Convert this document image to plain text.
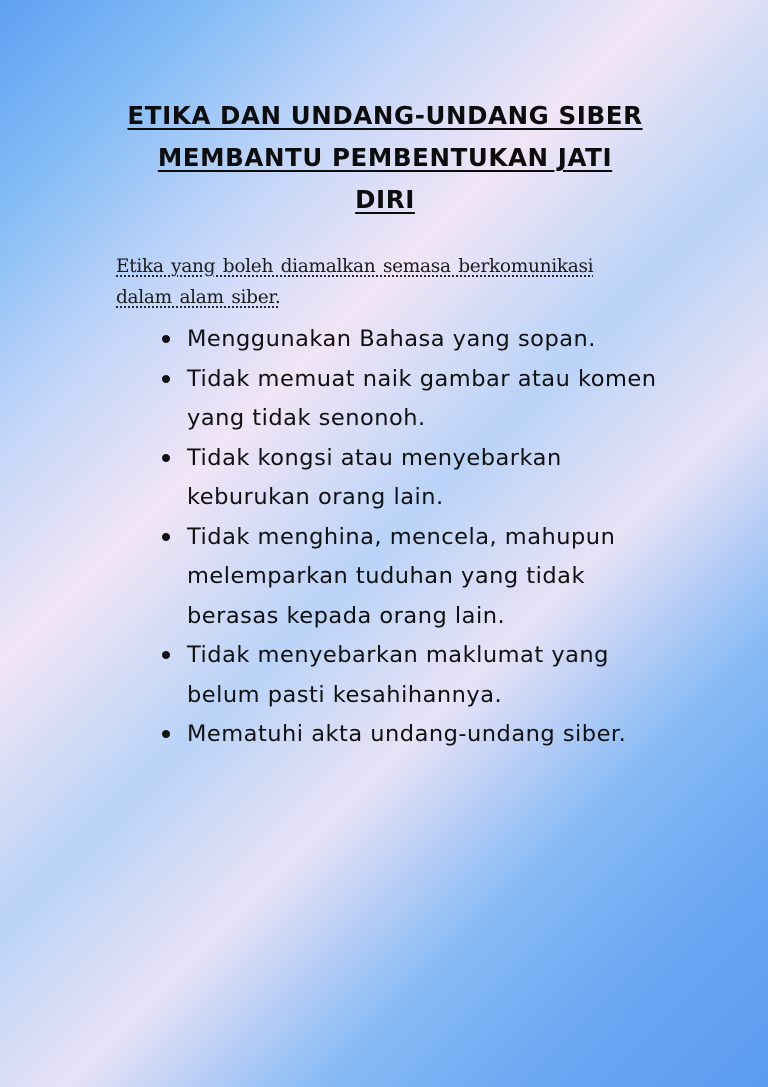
ETIKA DAN UNDANG-UNDANG SIBER
MEMBANTU PEMBENTUKAN JATI
DIRI
Etika yang boleh diamalkan semasa berkomunikasi dalam alam siber.
Menggunakan Bahasa yang sopan.
Tidak memuat naik gambar atau komen yang tidak senonoh.
Tidak kongsi atau menyebarkan keburukan orang lain.
Tidak menghina, mencela, mahupun melemparkan tuduhan yang tidak berasas kepada orang lain.
Tidak menyebarkan maklumat yang belum pasti kesahihannya.
Mematuhi akta undang-undang siber.
